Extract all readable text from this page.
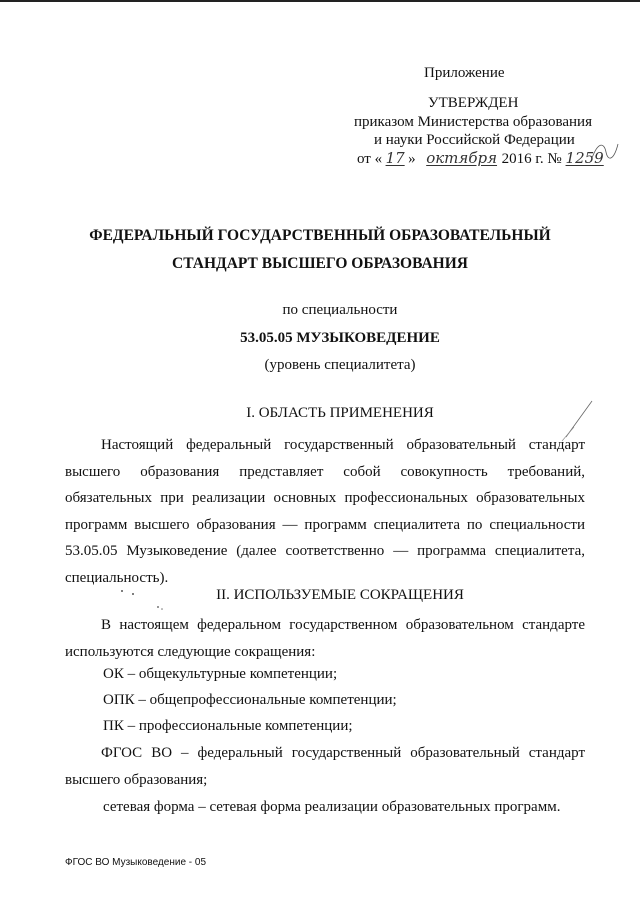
Приложение
УТВЕРЖДЕН
приказом Министерства образования
и науки Российской Федерации
от « 17 » октября 2016 г. № 1259
ФЕДЕРАЛЬНЫЙ ГОСУДАРСТВЕННЫЙ ОБРАЗОВАТЕЛЬНЫЙ
СТАНДАРТ ВЫСШЕГО ОБРАЗОВАНИЯ
по специальности
53.05.05 МУЗЫКОВЕДЕНИЕ
(уровень специалитета)
I. ОБЛАСТЬ ПРИМЕНЕНИЯ
Настоящий федеральный государственный образовательный стандарт высшего образования представляет собой совокупность требований, обязательных при реализации основных профессиональных образовательных программ высшего образования — программ специалитета по специальности 53.05.05 Музыковедение (далее соответственно — программа специалитета, специальность).
II. ИСПОЛЬЗУЕМЫЕ СОКРАЩЕНИЯ
В настоящем федеральном государственном образовательном стандарте используются следующие сокращения:
ОК – общекультурные компетенции;
ОПК – общепрофессиональные компетенции;
ПК – профессиональные компетенции;
ФГОС ВО – федеральный государственный образовательный стандарт высшего образования;
сетевая форма – сетевая форма реализации образовательных программ.
ФГОС ВО Музыковедение - 05
